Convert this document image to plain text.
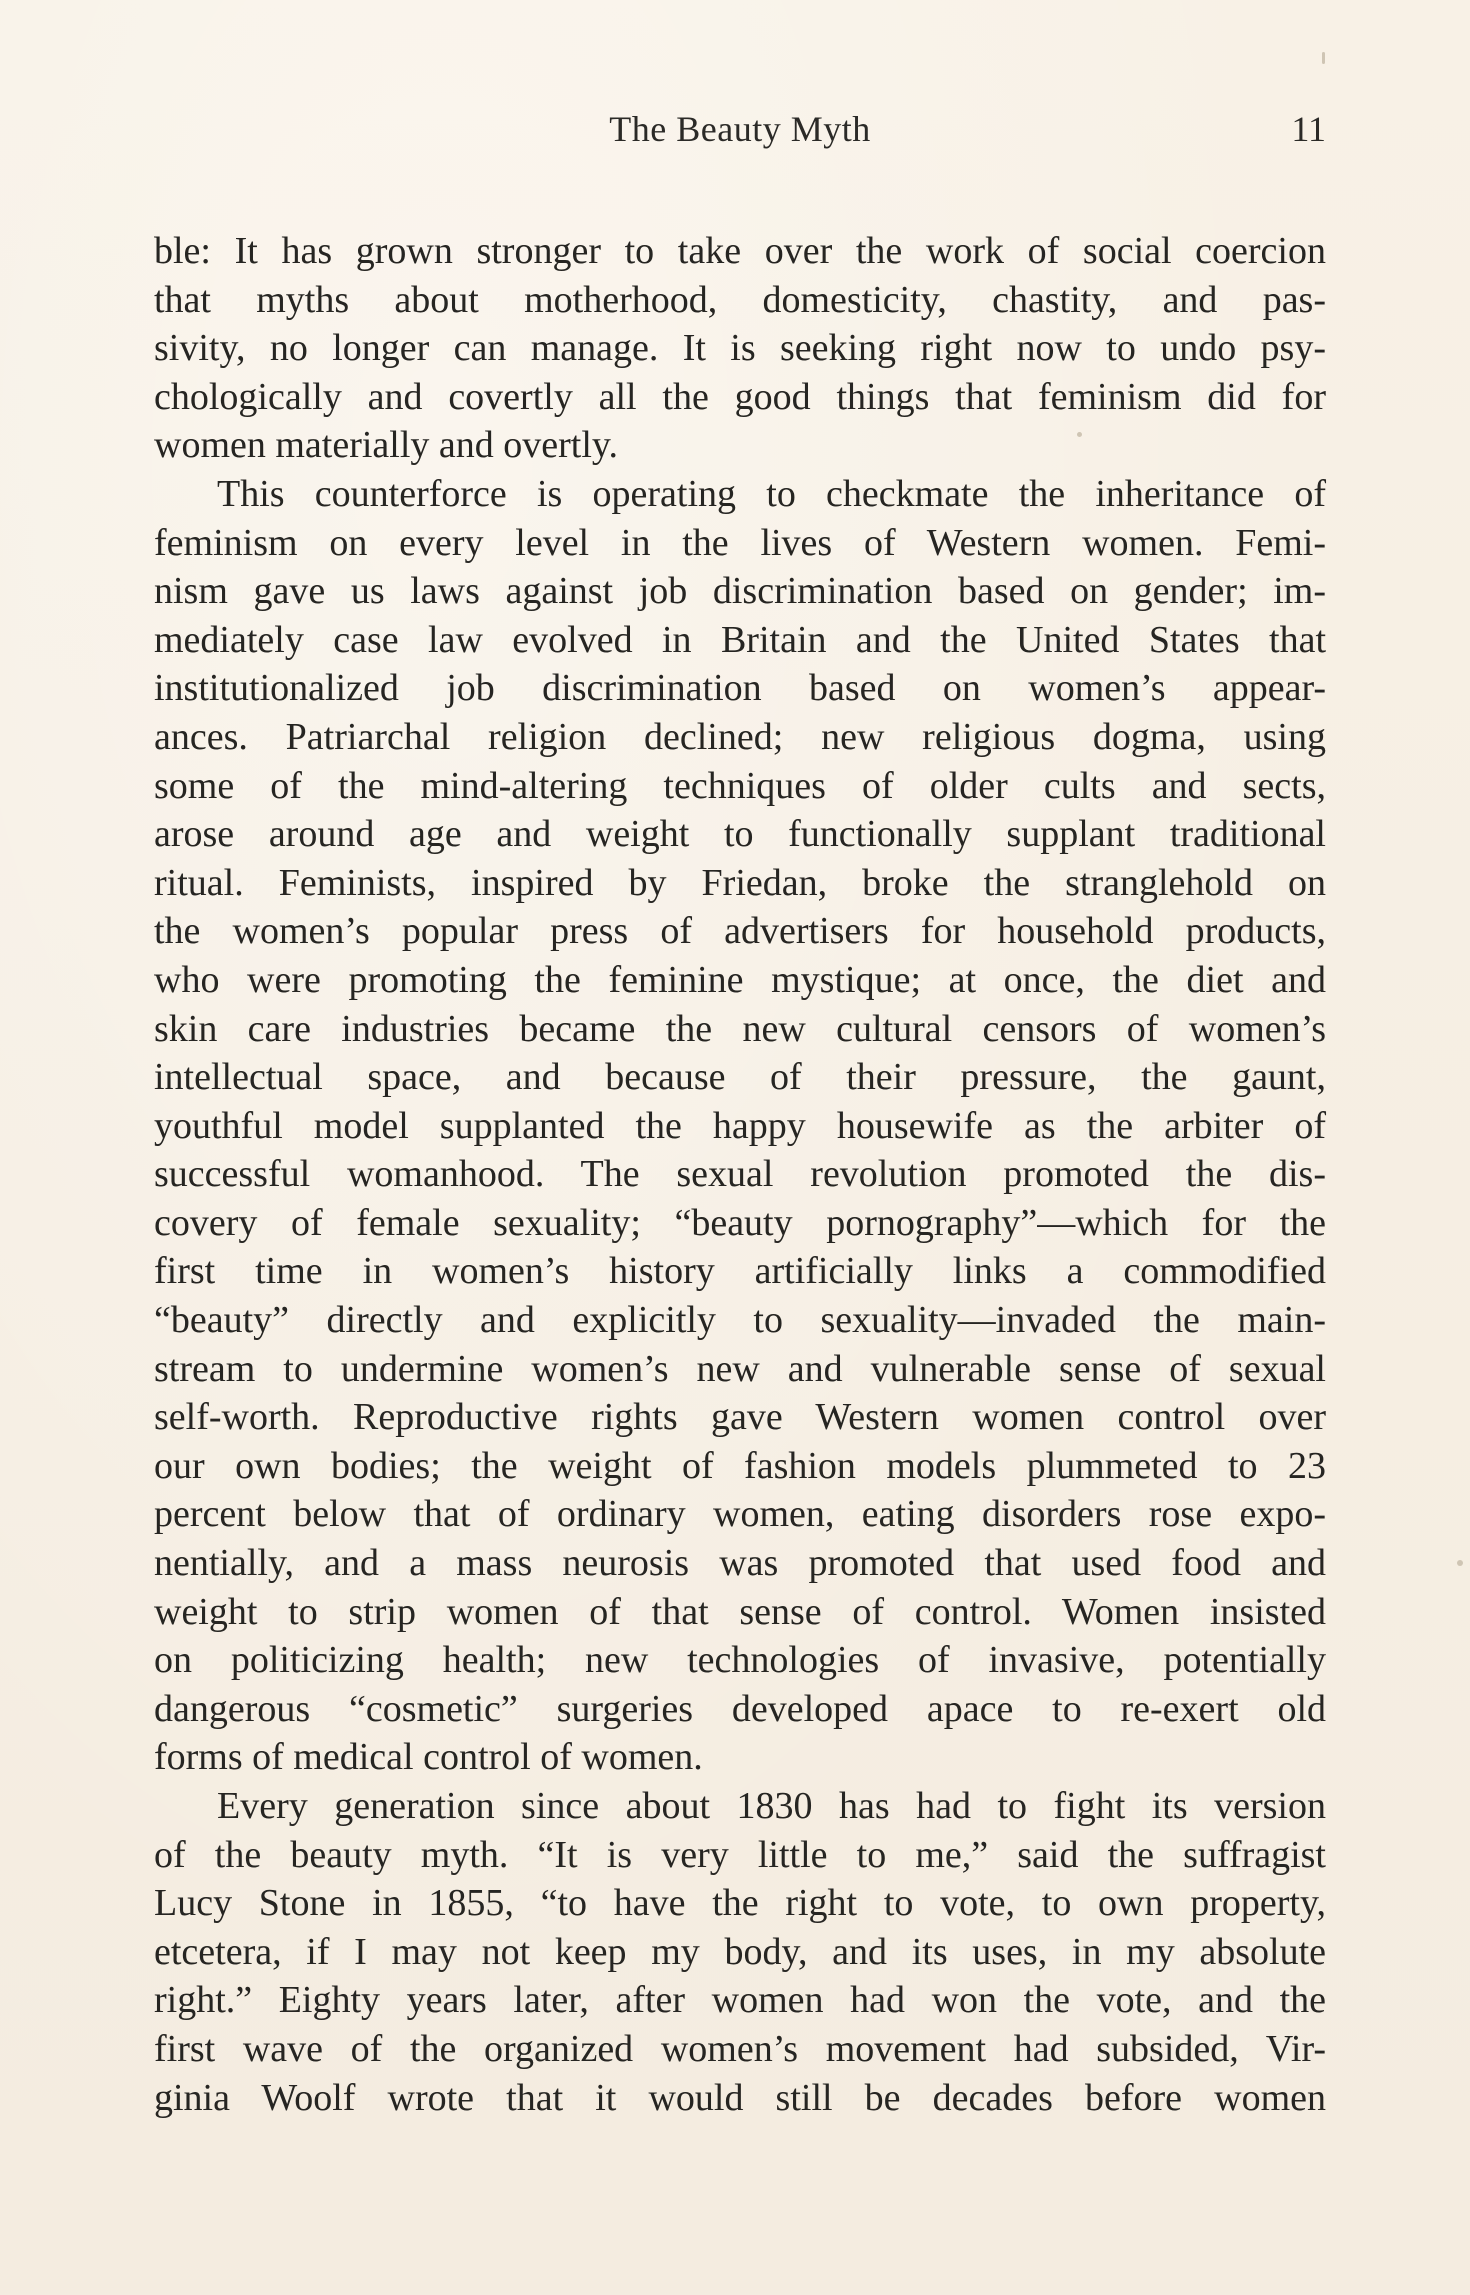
The Beauty Myth	11
ble: It has grown stronger to take over the work of social coercion
that myths about motherhood, domesticity, chastity, and pas-
sivity, no longer can manage. It is seeking right now to undo psy-
chologically and covertly all the good things that feminism did for
women materially and overtly.
This counterforce is operating to checkmate the inheritance of
feminism on every level in the lives of Western women. Femi-
nism gave us laws against job discrimination based on gender; im-
mediately case law evolved in Britain and the United States that
institutionalized job discrimination based on women’s appear-
ances. Patriarchal religion declined; new religious dogma, using
some of the mind-altering techniques of older cults and sects,
arose around age and weight to functionally supplant traditional
ritual. Feminists, inspired by Friedan, broke the stranglehold on
the women’s popular press of advertisers for household products,
who were promoting the feminine mystique; at once, the diet and
skin care industries became the new cultural censors of women’s
intellectual space, and because of their pressure, the gaunt,
youthful model supplanted the happy housewife as the arbiter of
successful womanhood. The sexual revolution promoted the dis-
covery of female sexuality; “beauty pornography”—which for the
first time in women’s history artificially links a commodified
“beauty” directly and explicitly to sexuality—invaded the main-
stream to undermine women’s new and vulnerable sense of sexual
self-worth. Reproductive rights gave Western women control over
our own bodies; the weight of fashion models plummeted to 23
percent below that of ordinary women, eating disorders rose expo-
nentially, and a mass neurosis was promoted that used food and
weight to strip women of that sense of control. Women insisted
on politicizing health; new technologies of invasive, potentially
dangerous “cosmetic” surgeries developed apace to re-exert old
forms of medical control of women.
Every generation since about 1830 has had to fight its version
of the beauty myth. “It is very little to me,” said the suffragist
Lucy Stone in 1855, “to have the right to vote, to own property,
etcetera, if I may not keep my body, and its uses, in my absolute
right.” Eighty years later, after women had won the vote, and the
first wave of the organized women’s movement had subsided, Vir-
ginia Woolf wrote that it would still be decades before women
